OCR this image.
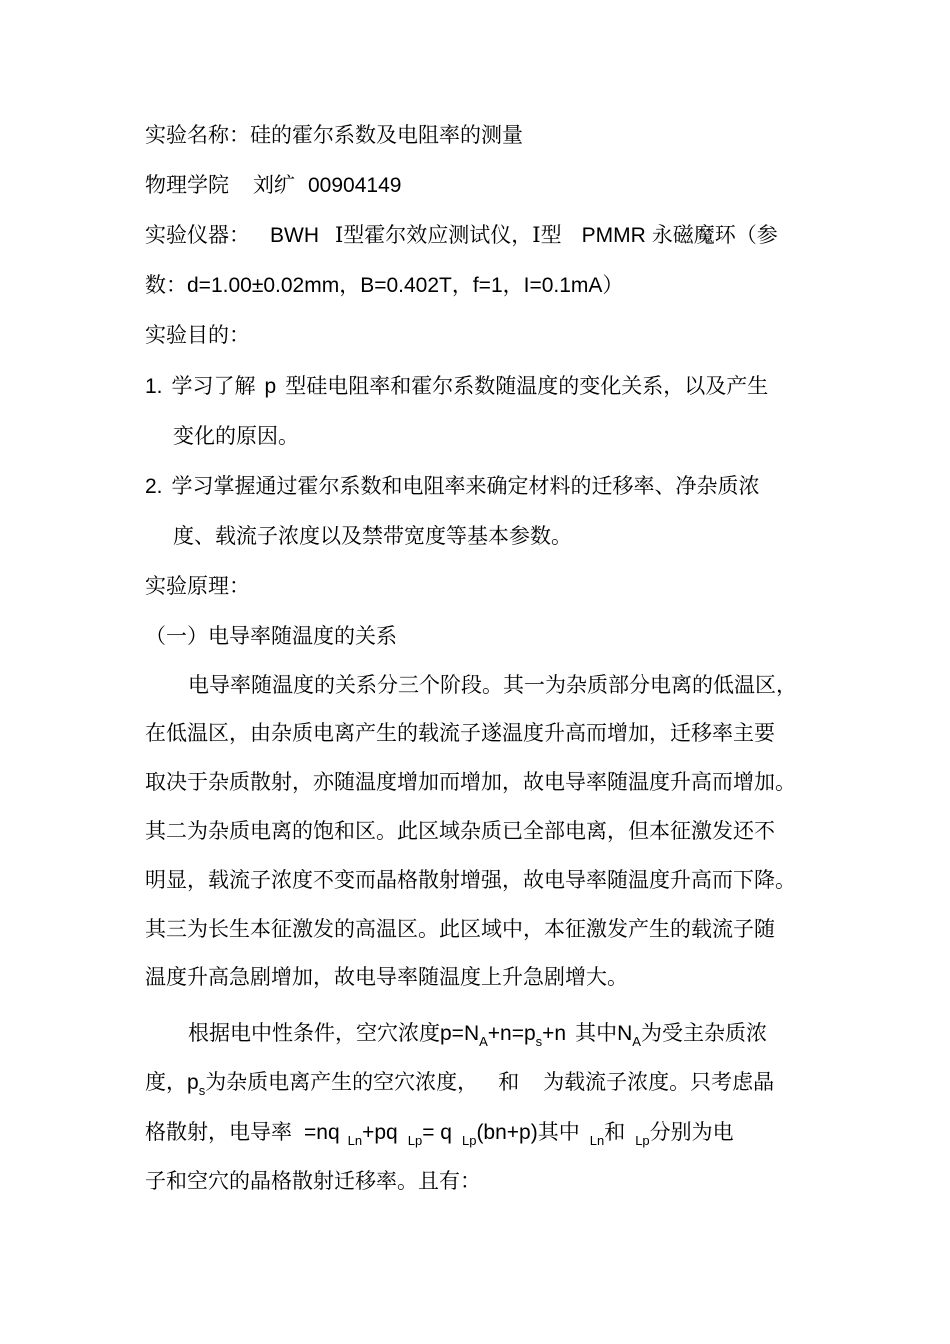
实验名称：硅的霍尔系数及电阻率的测量
物理学院 刘纩 00904149
实验仪器： BWH Ⅰ型霍尔效应测试仪，Ⅰ型 PMMR 永磁魔环（参
数：d=1.00±0.02mm，B=0.402T，f=1，I=0.1mA）
实验目的：
1. 学习了解 p 型硅电阻率和霍尔系数随温度的变化关系，以及产生
变化的原因。
2. 学习掌握通过霍尔系数和电阻率来确定材料的迁移率、净杂质浓
度、载流子浓度以及禁带宽度等基本参数。
实验原理：
（一）电导率随温度的关系
电导率随温度的关系分三个阶段。其一为杂质部分电离的低温区，
在低温区，由杂质电离产生的载流子遂温度升高而增加，迁移率主要
取决于杂质散射，亦随温度增加而增加，故电导率随温度升高而增加。
其二为杂质电离的饱和区。此区域杂质已全部电离，但本征激发还不
明显，载流子浓度不变而晶格散射增强，故电导率随温度升高而下降。
其三为长生本征激发的高温区。此区域中，本征激发产生的载流子随
温度升高急剧增加，故电导率随温度上升急剧增大。
根据电中性条件，空穴浓度$p=N_A+n=p_s+n$ 其中$N_A$为受主杂质浓
度，$p_s$为杂质电离产生的空穴浓度， 和 为载流子浓度。只考虑晶
格散射，电导率 =nq $_{Ln}$+pq $_{Lp}$= q $_{Lp}$(bn+p)其中 $_{Ln}$和 $_{Lp}$分别为电
子和空穴的晶格散射迁移率。且有：
